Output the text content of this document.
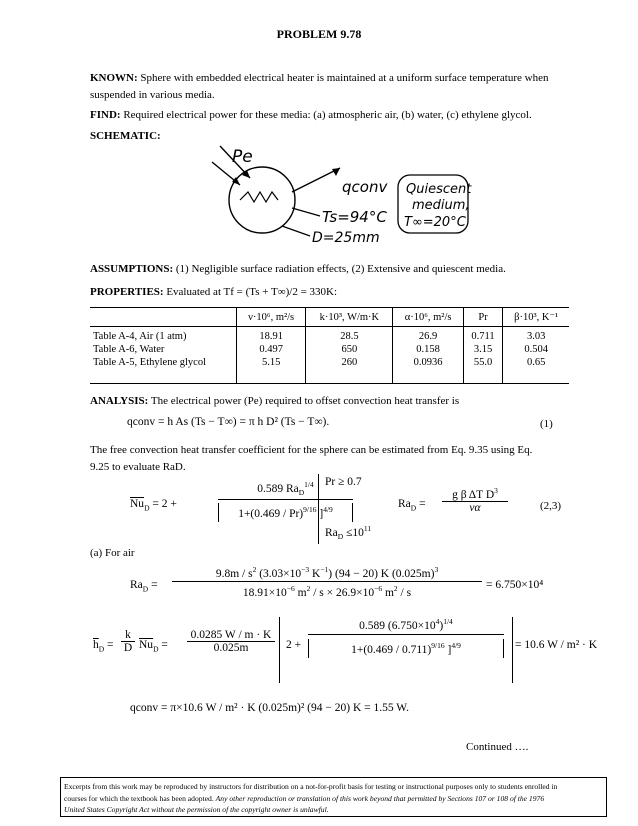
PROBLEM 9.78
KNOWN: Sphere with embedded electrical heater is maintained at a uniform surface temperature when suspended in various media.
FIND: Required electrical power for these media: (a) atmospheric air, (b) water, (c) ethylene glycol.
SCHEMATIC:
Pe
qconv
Ts=94°C
D=25mm
Quiescent
medium,
T∞=20°C
ASSUMPTIONS: (1) Negligible surface radiation effects, (2) Extensive and quiescent media.
PROPERTIES: Evaluated at Tf = (Ts + T∞)/2 = 330K:
	ν·10⁶, m²/s	k·10³, W/m·K	α·10⁶, m²/s	Pr	β·10³, K⁻¹
Table A-4, Air (1 atm)	18.91	28.5	26.9	0.711	3.03
Table A-6, Water	0.497	650	0.158	3.15	0.504
Table A-5, Ethylene glycol	5.15	260	0.0936	55.0	0.65
ANALYSIS: The electrical power (Pe) required to offset convection heat transfer is
qconv = h As (Ts − T∞) = π h D² (Ts − T∞).	(1)
The free convection heat transfer coefficient for the sphere can be estimated from Eq. 9.35 using Eq.
9.25 to evaluate RaD.
$\overline{Nu}_D = 2$ +
0.589 $Ra_D^{1/4}$
1+(0.469 / Pr)$^{9/16}$ ]$^{4/9}$
Pr ≥ 0.7
$Ra_D \le 10^{11}$
$Ra_D$ =
g β ΔT $D^3$
να	(2,3)
(a) For air
$Ra_D$ =
$9.8m / s^2$ ($3.03\times 10^{-3}$ $K^{-1}$) (94 − 20) K $(0.025m)^3$
$18.91\times 10^{-6}$ $m^2 / s \times 26.9\times 10^{-6}$ $m^2$ / s
= 6.750×10⁴
$\overline{h}_D$ =
k
D $\overline{Nu}_D$ =
0.0285 W / m · K
0.025m	2 +
0.589 $(6.750\times 10^4)^{1/4}$
1+(0.469 / 0.711)$^{9/16}$ ]$^{4/9}$	= 10.6 W / m² · K
qconv = π×10.6 W / m² · K (0.025m)² (94 − 20) K = 1.55 W.
Continued ….
Excerpts from this work may be reproduced by instructors for distribution on a not-for-profit basis for testing or instructional purposes only to students enrolled in
courses for which the textbook has been adopted. Any other reproduction or translation of this work beyond that permitted by Sections 107 or 108 of the 1976
United States Copyright Act without the permission of the copyright owner is unlawful.
